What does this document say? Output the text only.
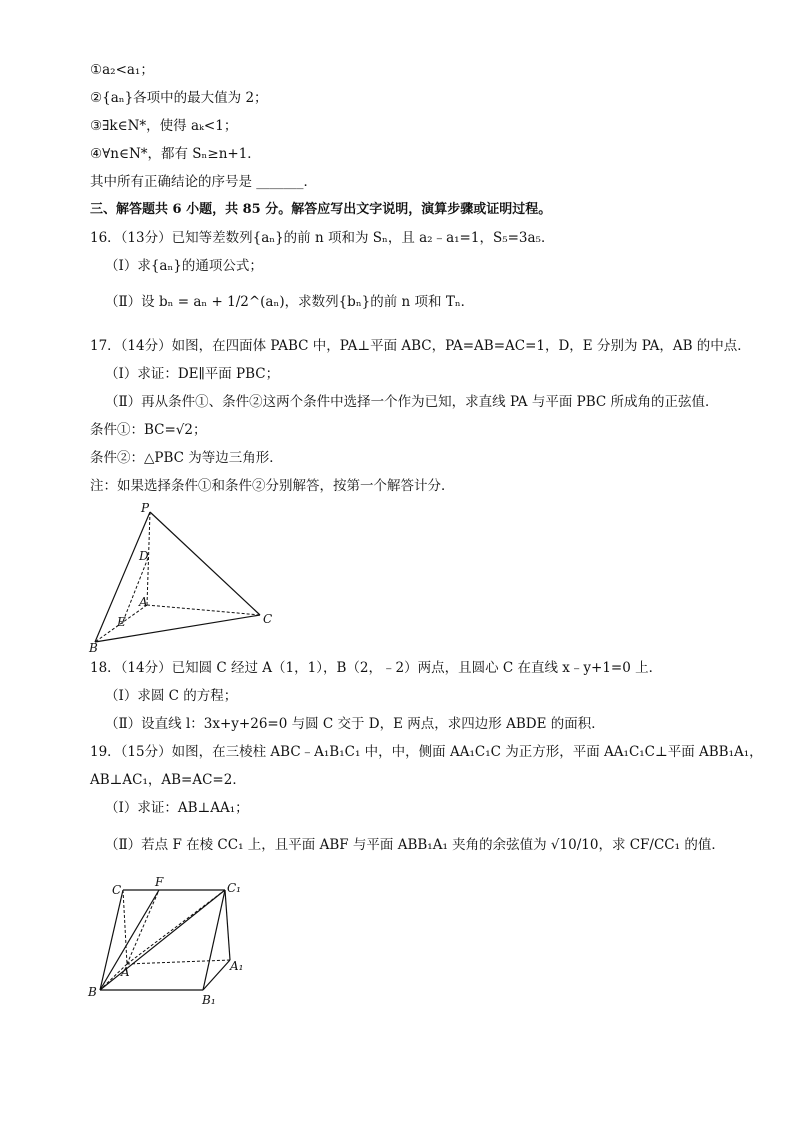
①a₂<a₁；
②{aₙ}各项中的最大值为 2；
③∃k∈N*，使得 aₖ<1；
④∀n∈N*，都有 Sₙ≥n+1．
其中所有正确结论的序号是 _______．
三、解答题共 6 小题，共 85 分。解答应写出文字说明，演算步骤或证明过程。
16．（13分）已知等差数列{aₙ}的前 n 项和为 Sₙ，且 a₂﹣a₁=1，S₅=3a₅．
（Ⅰ）求{aₙ}的通项公式；
（Ⅱ）设 bₙ = aₙ + 1/2^(aₙ)，求数列{bₙ}的前 n 项和 Tₙ．
17．（14分）如图，在四面体 PABC 中，PA⊥平面 ABC，PA=AB=AC=1，D，E 分别为 PA，AB 的中点．
（Ⅰ）求证：DE∥平面 PBC；
（Ⅱ）再从条件①、条件②这两个条件中选择一个作为已知，求直线 PA 与平面 PBC 所成角的正弦值．
条件①：BC=√2；
条件②：△PBC 为等边三角形．
注：如果选择条件①和条件②分别解答，按第一个解答计分．
P
D
A
E
B
C
18．（14分）已知圆 C 经过 A（1，1），B（2，﹣2）两点，且圆心 C 在直线 x﹣y+1=0 上．
（Ⅰ）求圆 C 的方程；
（Ⅱ）设直线 l：3x+y+26=0 与圆 C 交于 D，E 两点，求四边形 ABDE 的面积．
19．（15分）如图，在三棱柱 ABC﹣A₁B₁C₁ 中，中，侧面 AA₁C₁C 为正方形，平面 AA₁C₁C⊥平面 ABB₁A₁，
AB⊥AC₁，AB=AC=2．
（Ⅰ）求证：AB⊥AA₁；
（Ⅱ）若点 F 在棱 CC₁ 上，且平面 ABF 与平面 ABB₁A₁ 夹角的余弦值为 √10/10，求 CF/CC₁ 的值．
C
F	C₁
A	A₁
B
B₁
